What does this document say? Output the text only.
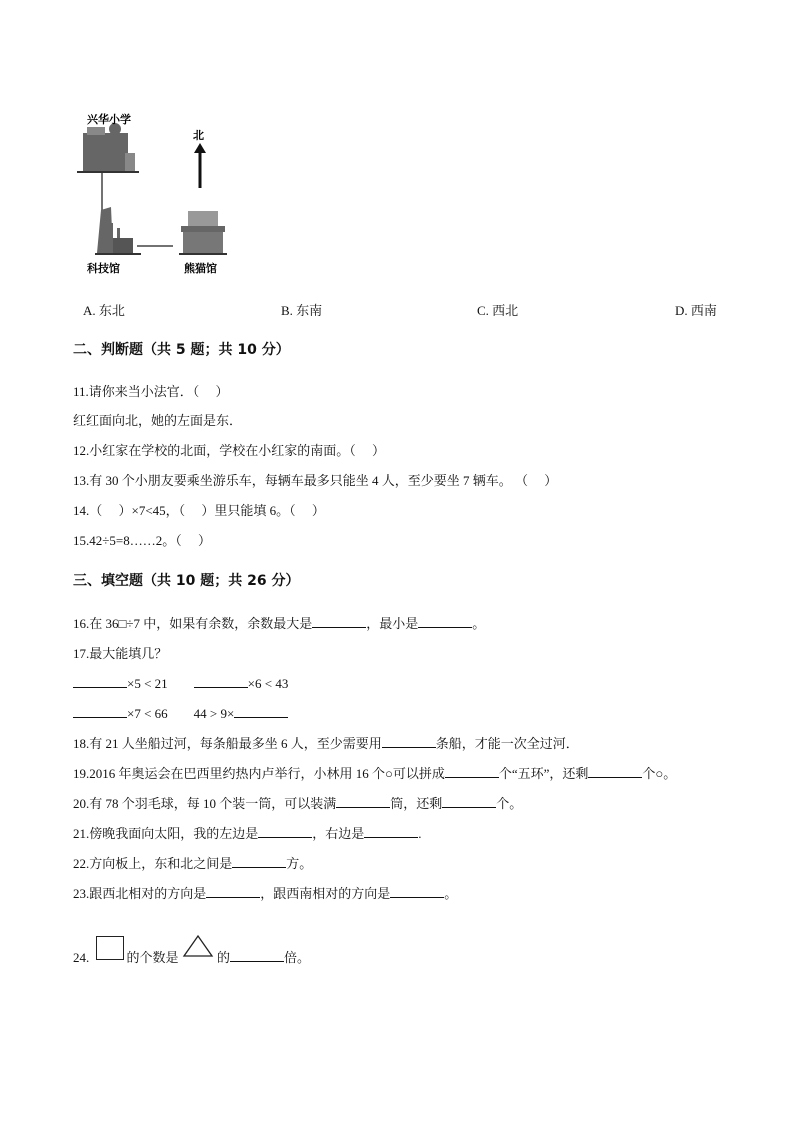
兴华小学
北
科技馆	熊猫馆
A. 东北	B. 东南	C. 西北	D. 西南
二、判断题（共 5 题；共 10 分）
11.请你来当小法官．（　 ）
红红面向北，她的左面是东．
12.小红家在学校的北面，学校在小红家的南面。（　 ）
13.有 30 个小朋友要乘坐游乐车，每辆车最多只能坐 4 人，至少要坐 7 辆车。 （　 ）
14.（　 ）×7<45，（　 ）里只能填 6。（　 ）
15.42÷5=8……2。（　 ）
三、填空题（共 10 题；共 26 分）
16.在 36□÷7 中，如果有余数，余数最大是	，最小是	。
17.最大能填几？
×5 < 21	×6 < 43
×7 < 66 44 > 9×
18.有 21 人坐船过河，每条船最多坐 6 人，至少需要用	条船，才能一次全过河．
19.2016 年奥运会在巴西里约热内卢举行，小林用 16 个○可以拼成	个“五环”，还剩	个○。
20.有 78 个羽毛球，每 10 个装一筒，可以装满	筒，还剩	个。
21.傍晚我面向太阳，我的左边是	，右边是	.
22.方向板上，东和北之间是	方。
23.跟西北相对的方向是	，跟西南相对的方向是	。
24.	的个数是  的	倍。
